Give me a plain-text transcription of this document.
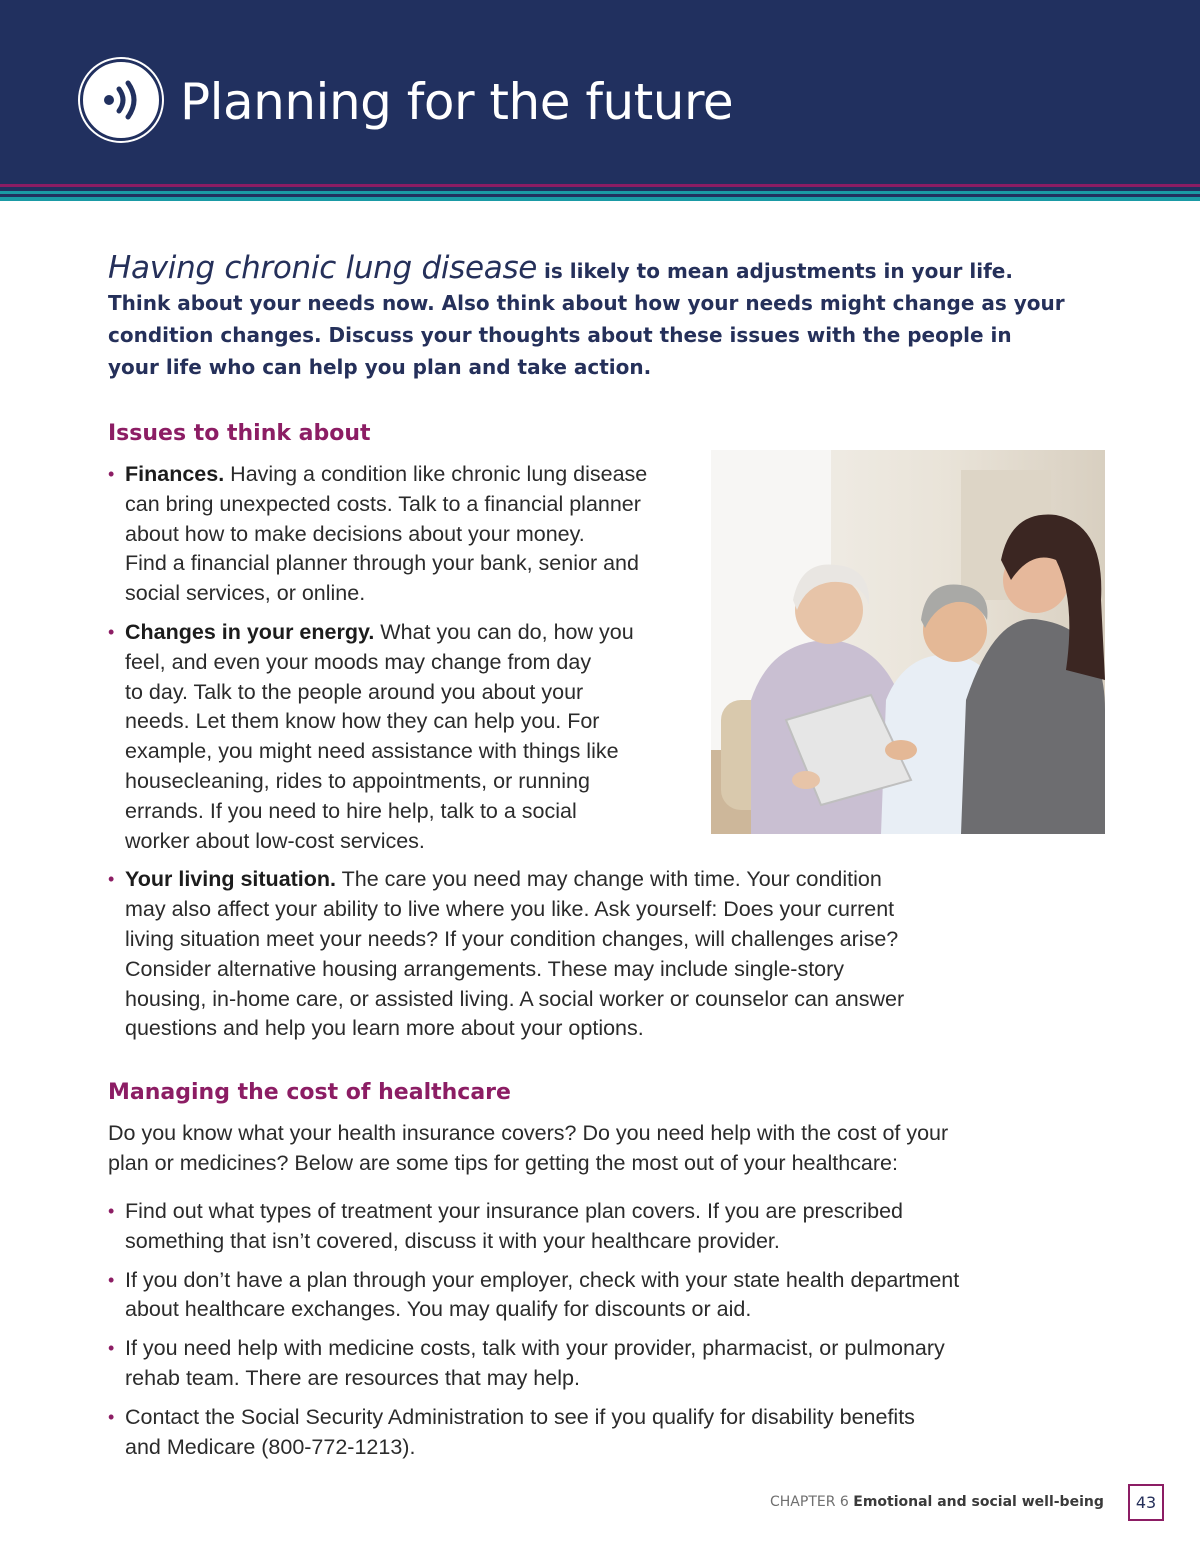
Planning for the future

Having chronic lung disease is likely to mean adjustments in your life. Think about your needs now. Also think about how your needs might change as your condition changes. Discuss your thoughts about these issues with the people in your life who can help you plan and take action.

Issues to think about
• Finances. Having a condition like chronic lung disease
can bring unexpected costs. Talk to a financial planner
about how to make decisions about your money.
Find a financial planner through your bank, senior and
social services, or online.
• Changes in your energy. What you can do, how you
feel, and even your moods may change from day
to day. Talk to the people around you about your
needs. Let them know how they can help you. For
example, you might need assistance with things like
housecleaning, rides to appointments, or running
errands. If you need to hire help, talk to a social
worker about low-cost services.
• Your living situation. The care you need may change with time. Your condition
may also affect your ability to live where you like. Ask yourself: Does your current
living situation meet your needs? If your condition changes, will challenges arise?
Consider alternative housing arrangements. These may include single-story
housing, in-home care, or assisted living. A social worker or counselor can answer
questions and help you learn more about your options.
Managing the cost of healthcare

Do you know what your health insurance covers? Do you need help with the cost of your
plan or medicines? Below are some tips for getting the most out of your healthcare:

• Find out what types of treatment your insurance plan covers. If you are prescribed
something that isn’t covered, discuss it with your healthcare provider.
• If you don’t have a plan through your employer, check with your state health department
about healthcare exchanges. You may qualify for discounts or aid.
• If you need help with medicine costs, talk with your provider, pharmacist, or pulmonary
rehab team. There are resources that may help.
• Contact the Social Security Administration to see if you qualify for disability benefits
and Medicare (800-772-1213).
CHAPTER 6 Emotional and social well-being	43
